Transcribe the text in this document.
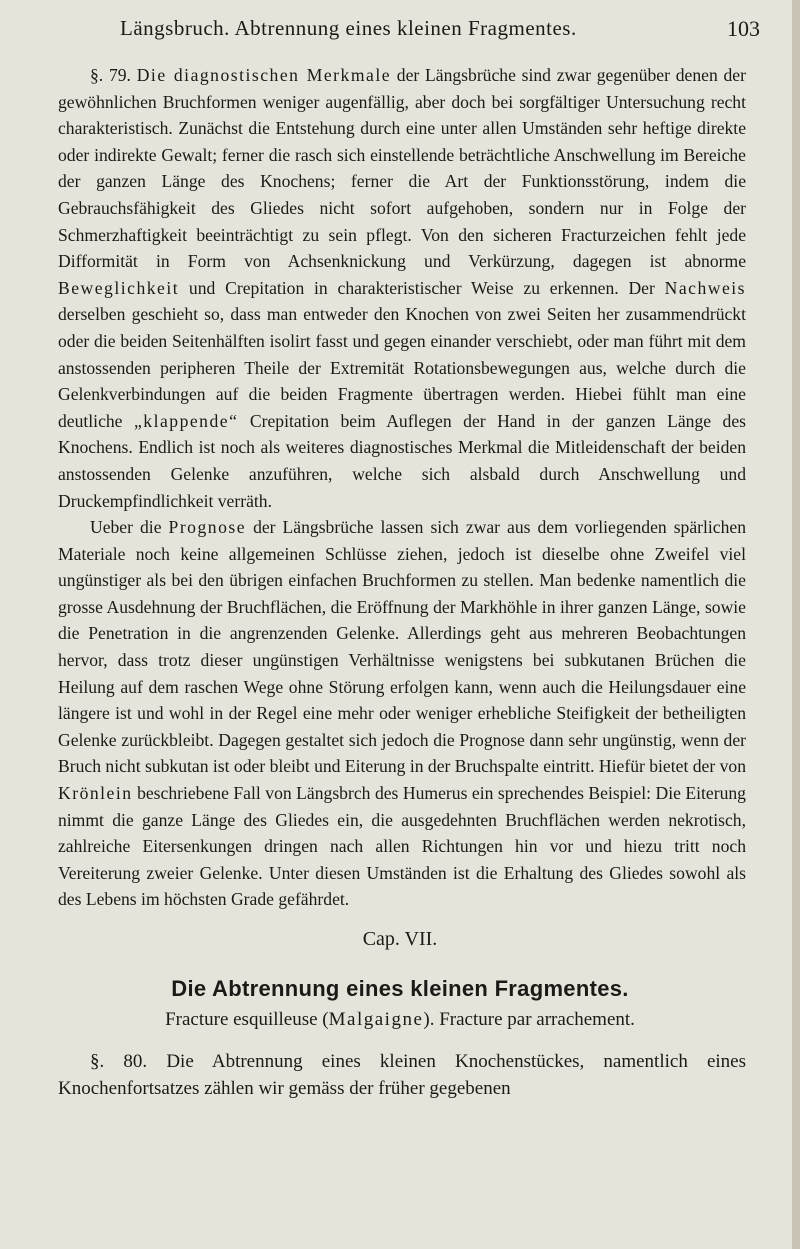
Längsbruch. Abtrennung eines kleinen Fragmentes.	103

§. 79. Die diagnostischen Merkmale der Längsbrüche sind zwar gegenüber denen der gewöhnlichen Bruchformen weniger augenfällig, aber doch bei sorgfältiger Untersuchung recht charakteristisch. Zunächst die Entstehung durch eine unter allen Umständen sehr heftige direkte oder indirekte Gewalt; ferner die rasch sich einstellende beträchtliche Anschwellung im Bereiche der ganzen Länge des Knochens; ferner die Art der Funktionsstörung, indem die Gebrauchsfähigkeit des Gliedes nicht sofort aufgehoben, sondern nur in Folge der Schmerzhaftigkeit beeinträchtigt zu sein pflegt. Von den sicheren Fracturzeichen fehlt jede Difformität in Form von Achsenknickung und Verkürzung, dagegen ist abnorme Beweglichkeit und Crepitation in charakteristischer Weise zu erkennen. Der Nachweis derselben geschieht so, dass man entweder den Knochen von zwei Seiten her zusammendrückt oder die beiden Seitenhälften isolirt fasst und gegen einander verschiebt, oder man führt mit dem anstossenden peripheren Theile der Extremität Rotationsbewegungen aus, welche durch die Gelenkverbindungen auf die beiden Fragmente übertragen werden. Hiebei fühlt man eine deutliche „klappende“ Crepitation beim Auflegen der Hand in der ganzen Länge des Knochens. Endlich ist noch als weiteres diagnostisches Merkmal die Mitleidenschaft der beiden anstossenden Gelenke anzuführen, welche sich alsbald durch Anschwellung und Druckempfindlichkeit verräth.

Ueber die Prognose der Längsbrüche lassen sich zwar aus dem vorliegenden spärlichen Materiale noch keine allgemeinen Schlüsse ziehen, jedoch ist dieselbe ohne Zweifel viel ungünstiger als bei den übrigen einfachen Bruchformen zu stellen. Man bedenke namentlich die grosse Ausdehnung der Bruchflächen, die Eröffnung der Markhöhle in ihrer ganzen Länge, sowie die Penetration in die angrenzenden Gelenke. Allerdings geht aus mehreren Beobachtungen hervor, dass trotz dieser ungünstigen Verhältnisse wenigstens bei subkutanen Brüchen die Heilung auf dem raschen Wege ohne Störung erfolgen kann, wenn auch die Heilungsdauer eine längere ist und wohl in der Regel eine mehr oder weniger erhebliche Steifigkeit der betheiligten Gelenke zurückbleibt. Dagegen gestaltet sich jedoch die Prognose dann sehr ungünstig, wenn der Bruch nicht subkutan ist oder bleibt und Eiterung in der Bruchspalte eintritt. Hiefür bietet der von Krönlein beschriebene Fall von Längsbrch des Humerus ein sprechendes Beispiel: Die Eiterung nimmt die ganze Länge des Gliedes ein, die ausgedehnten Bruchflächen werden nekrotisch, zahlreiche Eitersenkungen dringen nach allen Richtungen hin vor und hiezu tritt noch Vereiterung zweier Gelenke. Unter diesen Umständen ist die Erhaltung des Gliedes sowohl als des Lebens im höchsten Grade gefährdet.

Cap. VII.
Die Abtrennung eines kleinen Fragmentes.
Fracture esquilleuse (Malgaigne). Fracture par arrachement.
§. 80. Die Abtrennung eines kleinen Knochenstückes, namentlich eines Knochenfortsatzes zählen wir gemäss der früher gegebenen
